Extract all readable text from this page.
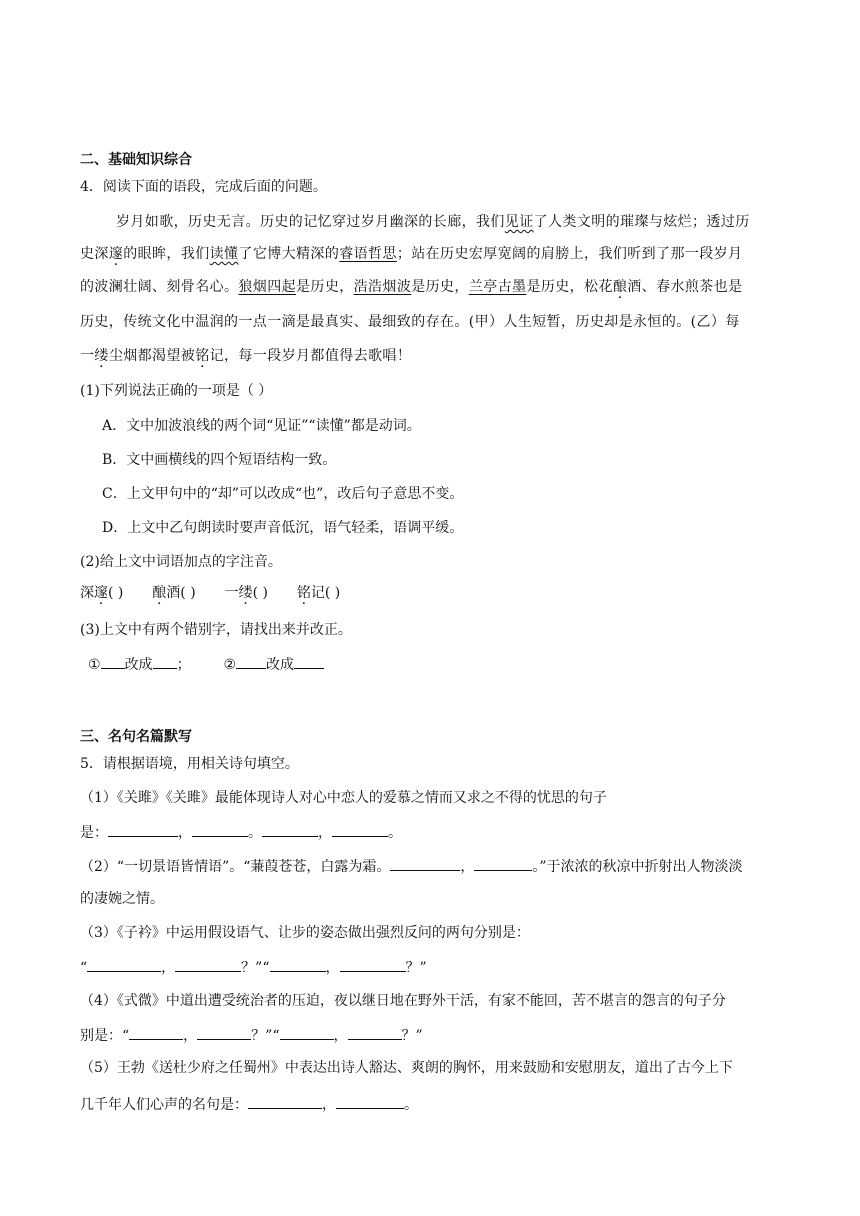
二、基础知识综合
4．阅读下面的语段，完成后面的问题。
岁月如歌，历史无言。历史的记忆穿过岁月幽深的长廊，我们见证了人类文明的璀璨与炫烂；透过历
史深邃的眼眸，我们读懂了它博大精深的睿语哲思；站在历史宏厚宽阔的肩膀上，我们听到了那一段岁月
的波澜壮阔、刻骨名心。狼烟四起是历史，浩浩烟波是历史，兰亭古墨是历史，松花酿酒、春水煎茶也是
历史，传统文化中温润的一点一滴是最真实、最细致的存在。(甲）人生短暂，历史却是永恒的。(乙）每
一缕尘烟都渴望被铭记，每一段岁月都值得去歌唱！
(1)下列说法正确的一项是（ ）
A．文中加波浪线的两个词“见证”“读懂”都是动词。
B．文中画横线的四个短语结构一致。
C．上文甲句中的“却”可以改成“也”，改后句子意思不变。
D．上文中乙句朗读时要声音低沉，语气轻柔，语调平缓。
(2)给上文中词语加点的字注音。
深邃( ) 酿酒( ) 一缕( ) 铭记( )
(3)上文中有两个错别字，请找出来并改正。
① 改成 ； ② 改成
三、名句名篇默写
5．请根据语境，用相关诗句填空。
（1）《关雎》《关雎》最能体现诗人对心中恋人的爱慕之情而又求之不得的忧思的句子
是：	，	。	，	。
（2）“一切景语皆情语”。“蒹葭苍苍，白露为霜。	，	。”于浓浓的秋凉中折射出人物淡淡
的凄婉之情。
（3）《子衿》中运用假设语气、让步的姿态做出强烈反问的两句分别是：
“	，	？”“	，	？”
（4）《式微》中道出遭受统治者的压迫，夜以继日地在野外干活，有家不能回，苦不堪言的怨言的句子分
别是：“	，	？”“	，	？”
（5）王勃《送杜少府之任蜀州》中表达出诗人豁达、爽朗的胸怀，用来鼓励和安慰朋友，道出了古今上下
几千年人们心声的名句是：	，	。
